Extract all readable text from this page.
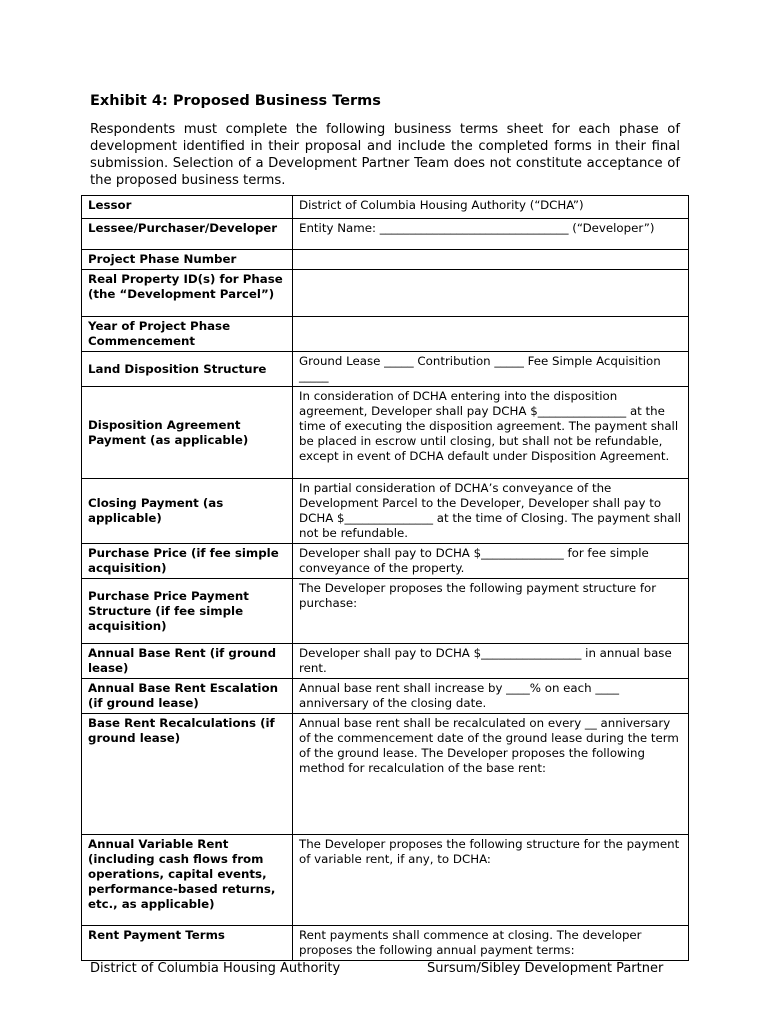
Exhibit 4: Proposed Business Terms

Respondents must complete the following business terms sheet for each phase of development identified in their proposal and include the completed forms in their final submission. Selection of a Development Partner Team does not constitute acceptance of the proposed business terms.

Lessor	District of Columbia Housing Authority (“DCHA”)
Lessee/Purchaser/Developer	Entity Name: ________________________________ (“Developer”)
Project Phase Number	
Real Property ID(s) for Phase (the “Development Parcel”)	
Year of Project Phase Commencement	
Land Disposition Structure	Ground Lease _____ Contribution _____ Fee Simple Acquisition _____
Disposition Agreement Payment (as applicable)	In consideration of DCHA entering into the disposition agreement, Developer shall pay DCHA $_______________ at the time of executing the disposition agreement. The payment shall be placed in escrow until closing, but shall not be refundable, except in event of DCHA default under Disposition Agreement.
Closing Payment (as applicable)	In partial consideration of DCHA’s conveyance of the Development Parcel to the Developer, Developer shall pay to DCHA $_______________ at the time of Closing. The payment shall not be refundable.
Purchase Price (if fee simple acquisition)	Developer shall pay to DCHA $______________ for fee simple conveyance of the property.
Purchase Price Payment Structure (if fee simple acquisition)	The Developer proposes the following payment structure for purchase:
Annual Base Rent (if ground lease)	Developer shall pay to DCHA $_________________ in annual base rent.
Annual Base Rent Escalation (if ground lease)	Annual base rent shall increase by ____% on each ____ anniversary of the closing date.
Base Rent Recalculations (if ground lease)	Annual base rent shall be recalculated on every __ anniversary of the commencement date of the ground lease during the term of the ground lease. The Developer proposes the following method for recalculation of the base rent:
Annual Variable Rent (including cash flows from operations, capital events, performance-based returns, etc., as applicable)	The Developer proposes the following structure for the payment of variable rent, if any, to DCHA:
Rent Payment Terms	Rent payments shall commence at closing. The developer proposes the following annual payment terms:
District of Columbia Housing Authority	Sursum/Sibley Development Partner
